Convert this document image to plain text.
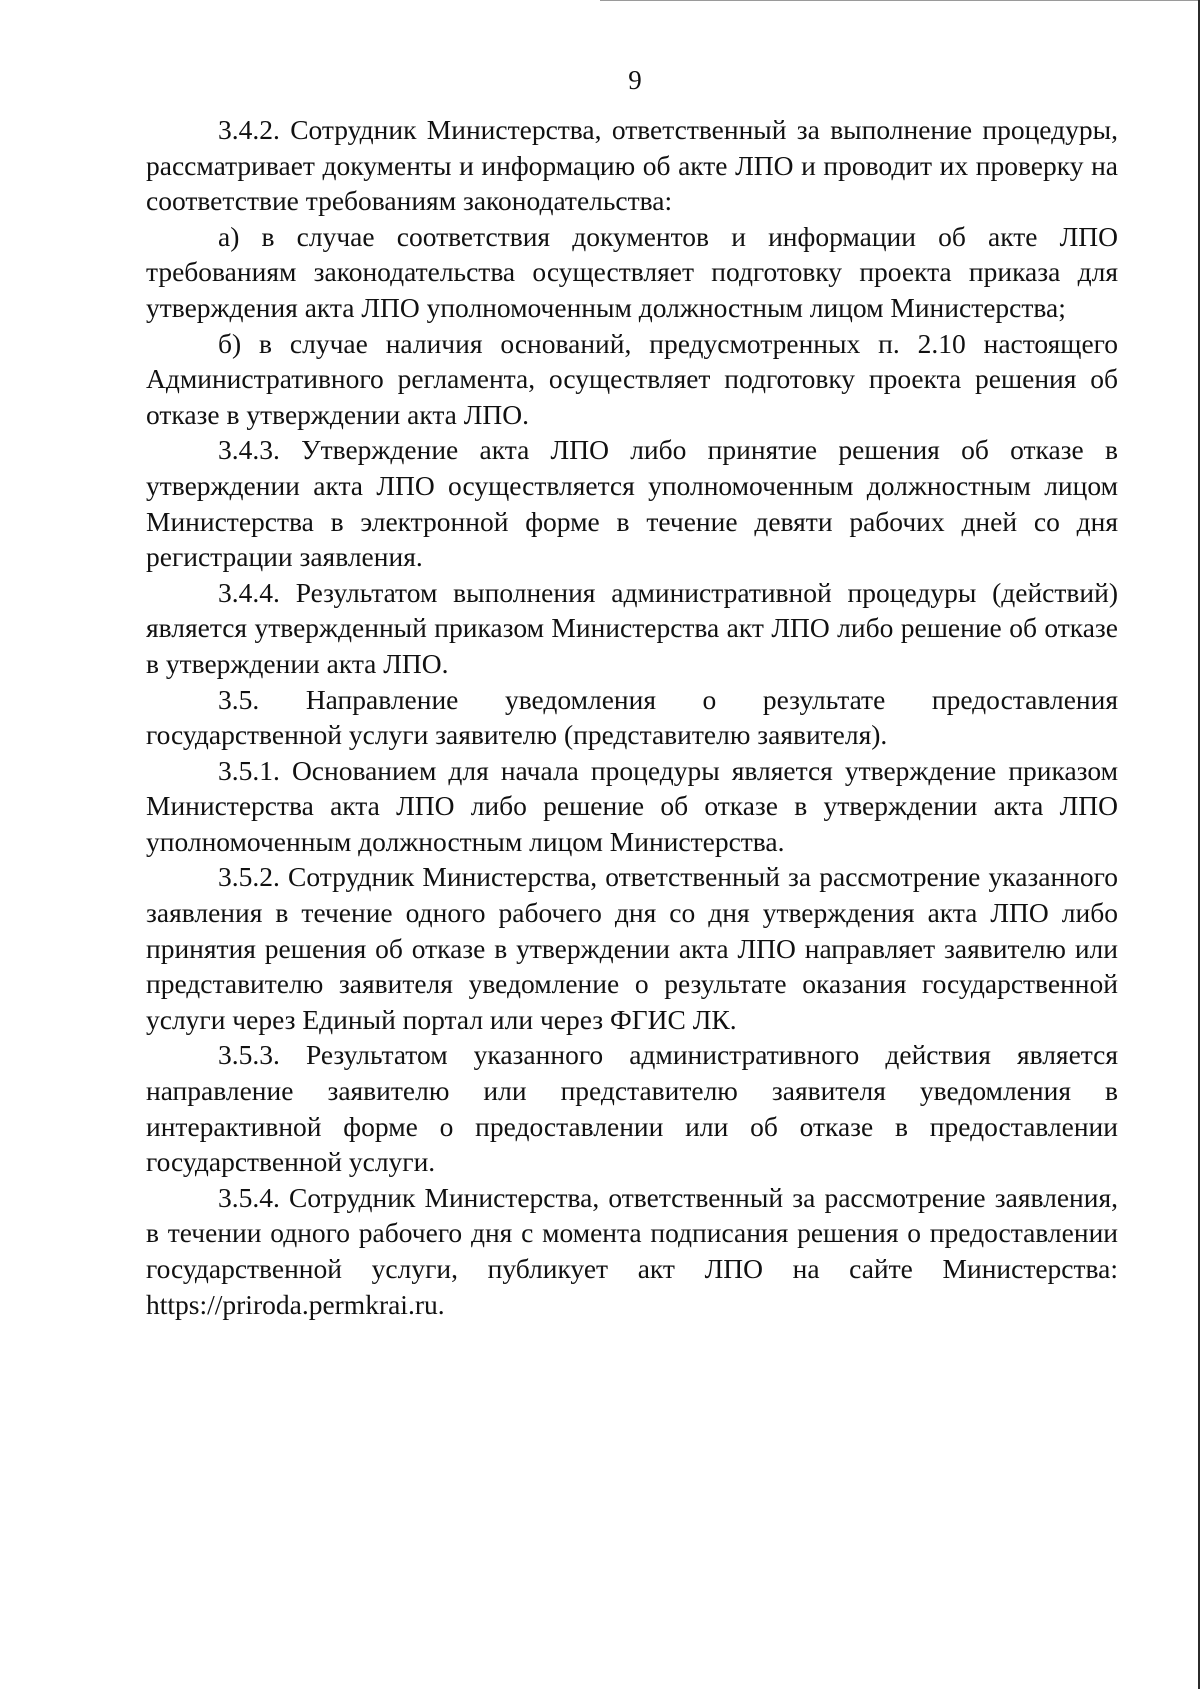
9

3.4.2. Сотрудник Министерства, ответственный за выполнение процедуры, рассматривает документы и информацию об акте ЛПО и проводит их проверку на соответствие требованиям законодательства:

а) в случае соответствия документов и информации об акте ЛПО требованиям законодательства осуществляет подготовку проекта приказа для утверждения акта ЛПО уполномоченным должностным лицом Министерства;

б) в случае наличия оснований, предусмотренных п. 2.10 настоящего Административного регламента, осуществляет подготовку проекта решения об отказе в утверждении акта ЛПО.

3.4.3. Утверждение акта ЛПО либо принятие решения об отказе в утверждении акта ЛПО осуществляется уполномоченным должностным лицом Министерства в электронной форме в течение девяти рабочих дней со дня регистрации заявления.

3.4.4. Результатом выполнения административной процедуры (действий) является утвержденный приказом Министерства акт ЛПО либо решение об отказе в утверждении акта ЛПО.

3.5. Направление уведомления о результате предоставления государственной услуги заявителю (представителю заявителя).

3.5.1. Основанием для начала процедуры является утверждение приказом Министерства акта ЛПО либо решение об отказе в утверждении акта ЛПО уполномоченным должностным лицом Министерства.

3.5.2. Сотрудник Министерства, ответственный за рассмотрение указанного заявления в течение одного рабочего дня со дня утверждения акта ЛПО либо принятия решения об отказе в утверждении акта ЛПО направляет заявителю или представителю заявителя уведомление о результате оказания государственной услуги через Единый портал или через ФГИС ЛК.

3.5.3. Результатом указанного административного действия является направление заявителю или представителю заявителя уведомления в интерактивной форме о предоставлении или об отказе в предоставлении государственной услуги.

3.5.4. Сотрудник Министерства, ответственный за рассмотрение заявления, в течении одного рабочего дня с момента подписания решения о предоставлении государственной услуги, публикует акт ЛПО на сайте Министерства: https://priroda.permkrai.ru.
